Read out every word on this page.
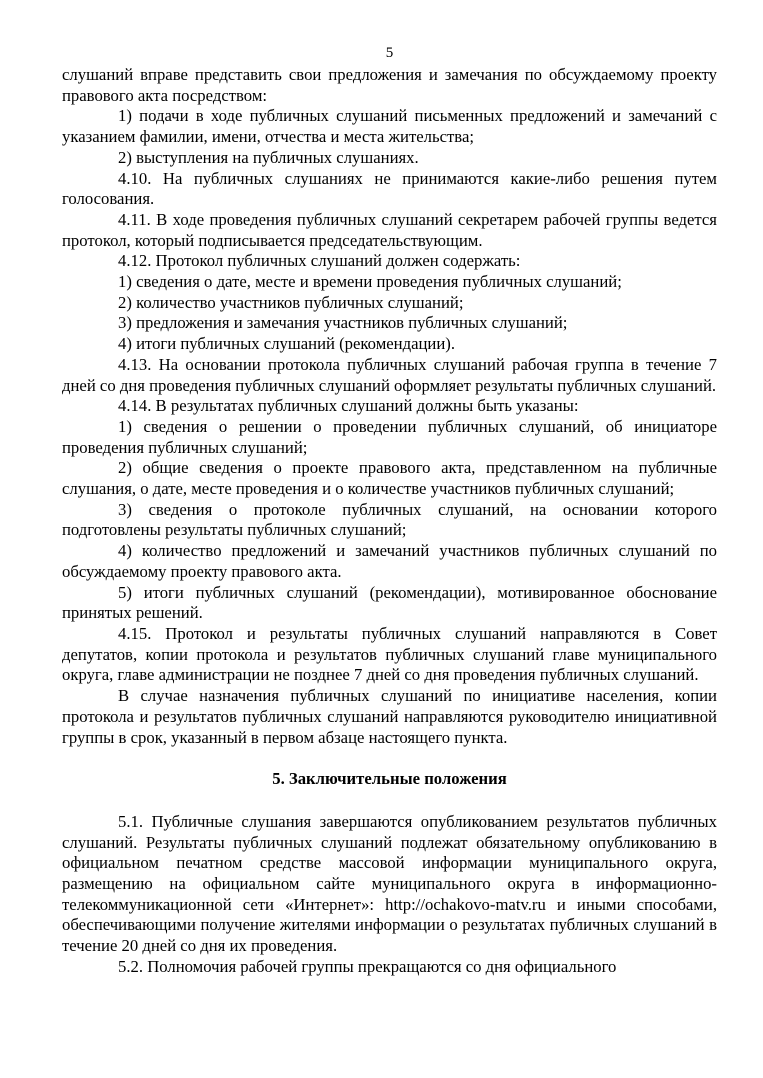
5

слушаний вправе представить свои предложения и замечания по обсуждаемому проекту правового акта посредством:

1) подачи в ходе публичных слушаний письменных предложений и замечаний с указанием фамилии, имени, отчества и места жительства;

2) выступления на публичных слушаниях.

4.10. На публичных слушаниях не принимаются какие-либо решения путем голосования.

4.11. В ходе проведения публичных слушаний секретарем рабочей группы ведется протокол, который подписывается председательствующим.

4.12. Протокол публичных слушаний должен содержать:

1) сведения о дате, месте и времени проведения публичных слушаний;

2) количество участников публичных слушаний;

3) предложения и замечания участников публичных слушаний;

4) итоги публичных слушаний (рекомендации).

4.13. На основании протокола публичных слушаний рабочая группа в течение 7 дней со дня проведения публичных слушаний оформляет результаты публичных слушаний.

4.14. В результатах публичных слушаний должны быть указаны:

1) сведения о решении о проведении публичных слушаний, об инициаторе проведения публичных слушаний;

2) общие сведения о проекте правового акта, представленном на публичные слушания, о дате, месте проведения и о количестве участников публичных слушаний;

3) сведения о протоколе публичных слушаний, на основании которого подготовлены результаты публичных слушаний;

4) количество предложений и замечаний участников публичных слушаний по обсуждаемому проекту правового акта.

5) итоги публичных слушаний (рекомендации), мотивированное обоснование принятых решений.

4.15. Протокол и результаты публичных слушаний направляются в Совет депутатов, копии протокола и результатов публичных слушаний главе муниципального округа, главе администрации не позднее 7 дней со дня проведения публичных слушаний.

В случае назначения публичных слушаний по инициативе населения, копии протокола и результатов публичных слушаний направляются руководителю инициативной группы в срок, указанный в первом абзаце настоящего пункта.

5. Заключительные положения

5.1. Публичные слушания завершаются опубликованием результатов публичных слушаний. Результаты публичных слушаний подлежат обязательному опубликованию в официальном печатном средстве массовой информации муниципального округа, размещению на официальном сайте муниципального округа в информационно-телекоммуникационной сети «Интернет»: http://ochakovo-matv.ru и иными способами, обеспечивающими получение жителями информации о результатах публичных слушаний в течение 20 дней со дня их проведения.

5.2. Полномочия рабочей группы прекращаются со дня официального
